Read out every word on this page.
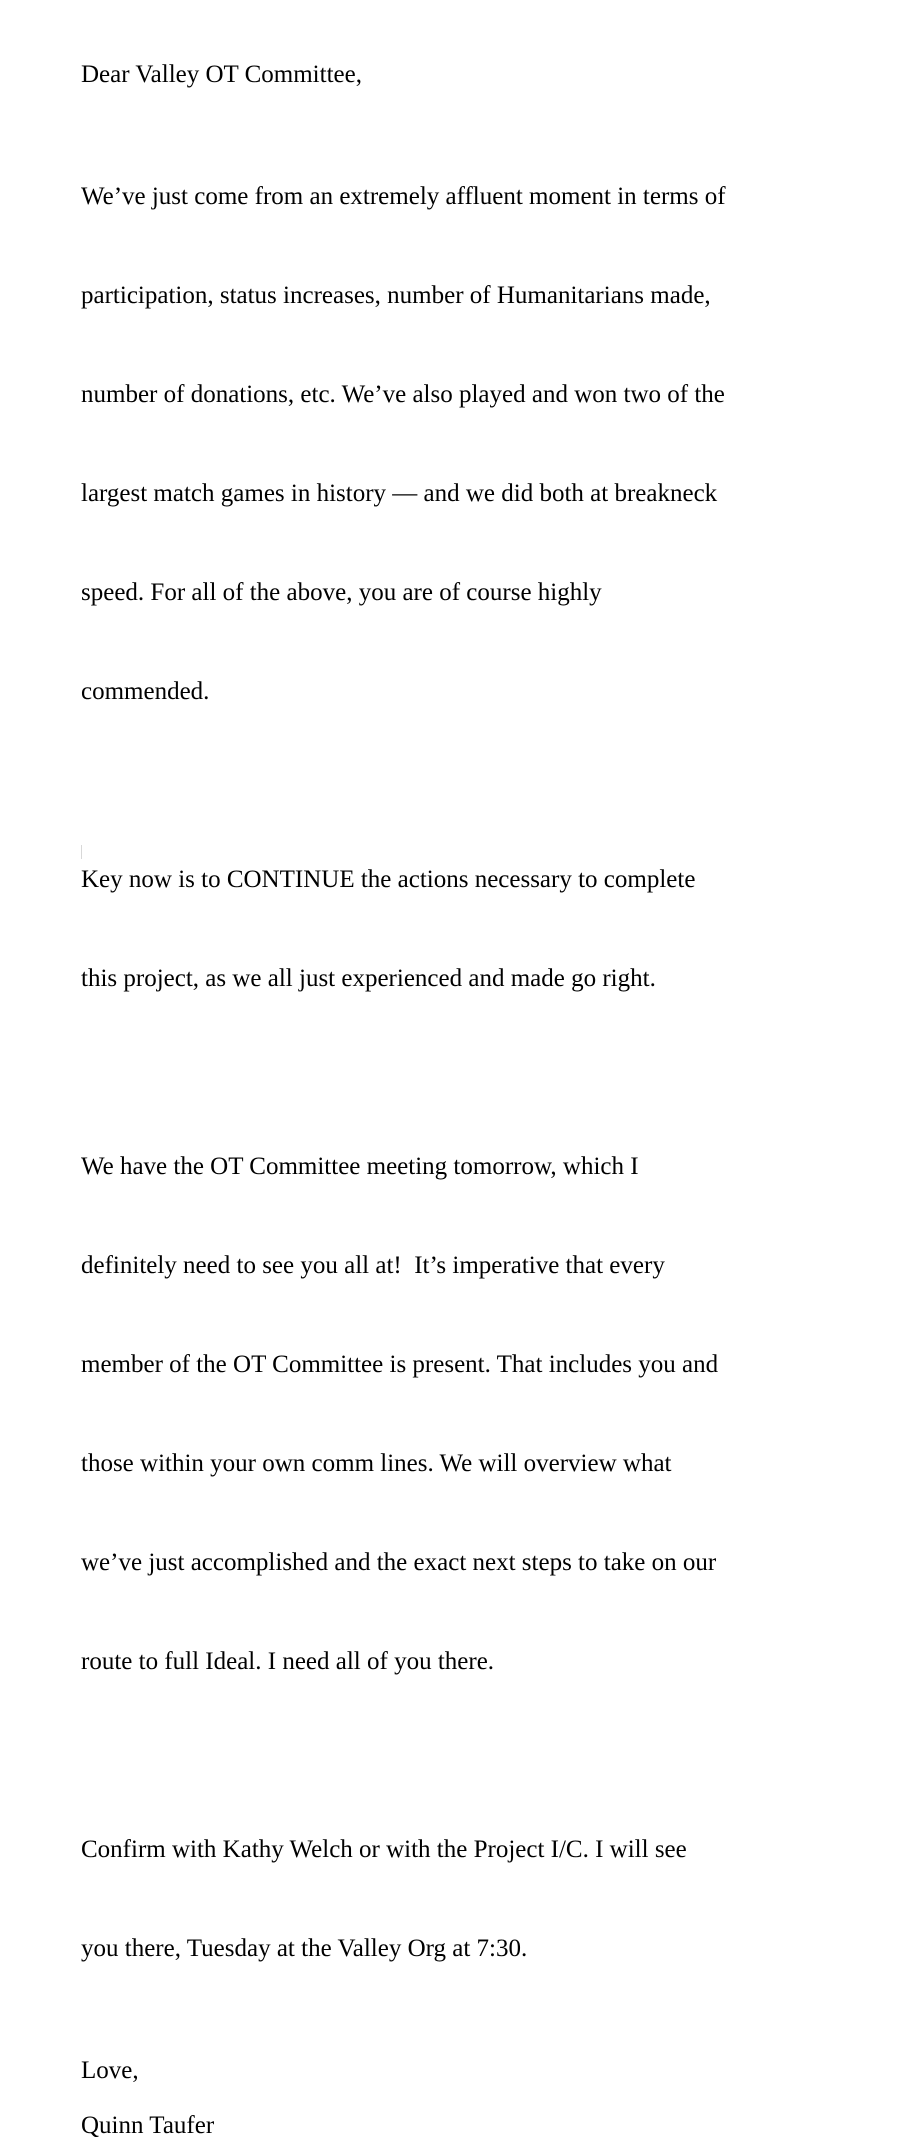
Dear Valley OT Committee,

We’ve just come from an extremely affluent moment in terms of

participation, status increases, number of Humanitarians made,

number of donations, etc. We’ve also played and won two of the

largest match games in history — and we did both at breakneck

speed. For all of the above, you are of course highly

commended.

Key now is to CONTINUE the actions necessary to complete

this project, as we all just experienced and made go right.

We have the OT Committee meeting tomorrow, which I

definitely need to see you all at!  It’s imperative that every

member of the OT Committee is present. That includes you and

those within your own comm lines. We will overview what

we’ve just accomplished and the exact next steps to take on our

route to full Ideal. I need all of you there.

Confirm with Kathy Welch or with the Project I/C. I will see

you there, Tuesday at the Valley Org at 7:30.

Love,

Quinn Taufer
